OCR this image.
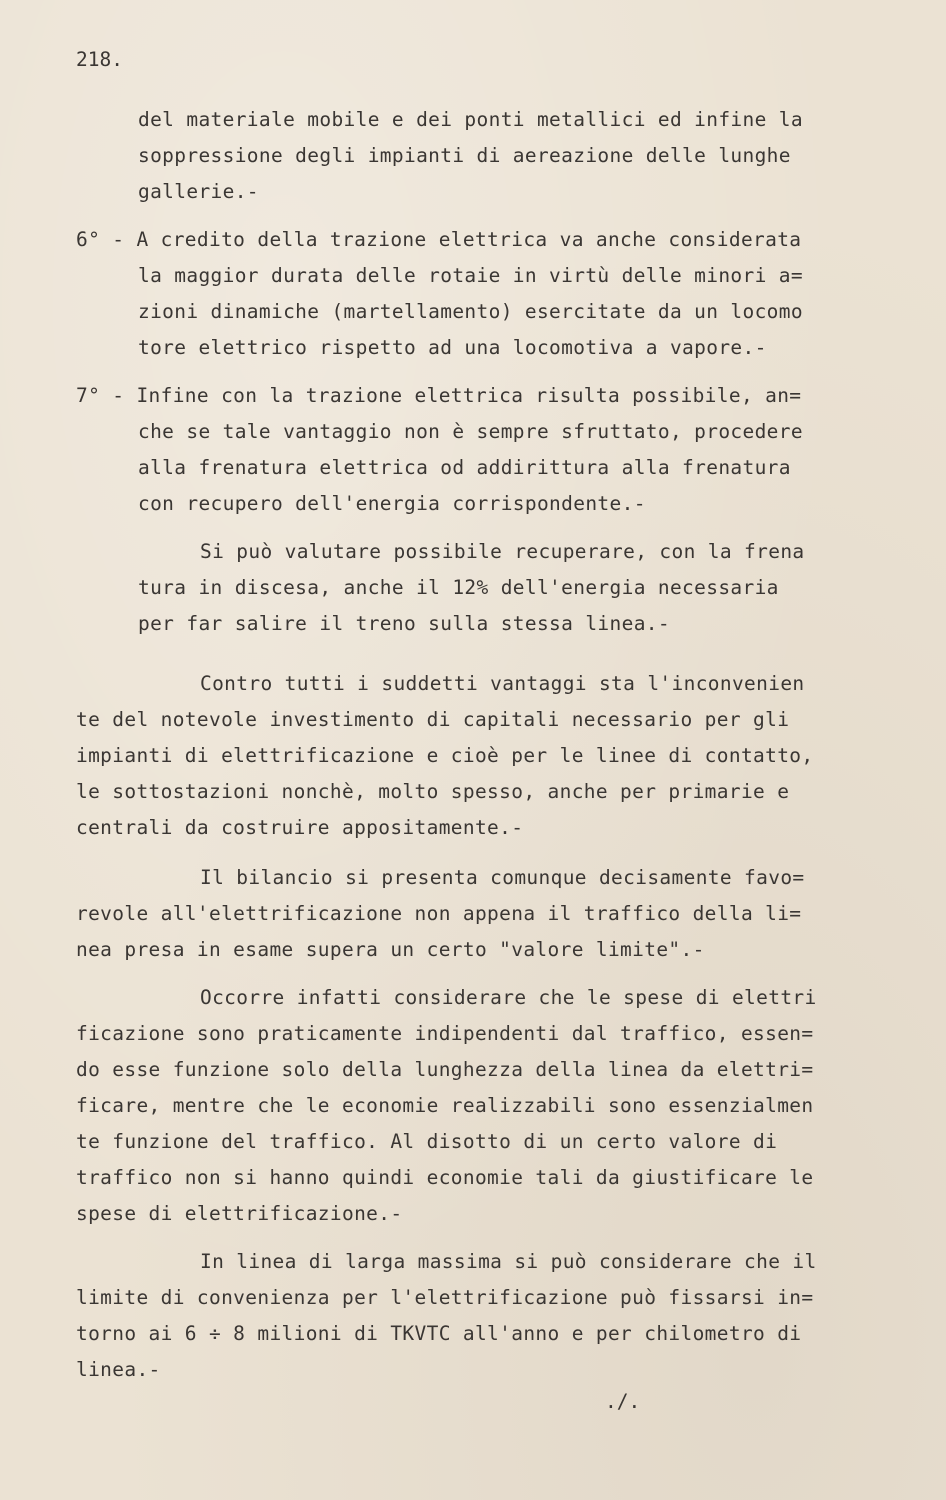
218.
del materiale mobile e dei ponti metallici ed infine la
soppressione degli impianti di aereazione delle lunghe
gallerie.-
6° - A credito della trazione elettrica va anche considerata
la maggior durata delle rotaie in virtù delle minori a=
zioni dinamiche (martellamento) esercitate da un locomo
tore elettrico rispetto ad una locomotiva a vapore.-
7° - Infine con la trazione elettrica risulta possibile, an=
che se tale vantaggio non è sempre sfruttato, procedere
alla frenatura elettrica od addirittura alla frenatura
con recupero dell'energia corrispondente.-
Si può valutare possibile recuperare, con la frena
tura in discesa, anche il 12% dell'energia necessaria
per far salire il treno sulla stessa linea.-
Contro tutti i suddetti vantaggi sta l'inconvenien
te del notevole investimento di capitali necessario per gli
impianti di elettrificazione e cioè per le linee di contatto,
le sottostazioni nonchè, molto spesso, anche per primarie e
centrali da costruire appositamente.-
Il bilancio si presenta comunque decisamente favo=
revole all'elettrificazione non appena il traffico della li=
nea presa in esame supera un certo "valore limite".-
Occorre infatti considerare che le spese di elettri
ficazione sono praticamente indipendenti dal traffico, essen=
do esse funzione solo della lunghezza della linea da elettri=
ficare, mentre che le economie realizzabili sono essenzialmen
te funzione del traffico. Al disotto di un certo valore di
traffico non si hanno quindi economie tali da giustificare le
spese di elettrificazione.-
In linea di larga massima si può considerare che il
limite di convenienza per l'elettrificazione può fissarsi in=
torno ai 6 ÷ 8 milioni di TKVTC all'anno e per chilometro di
linea.-
./.
